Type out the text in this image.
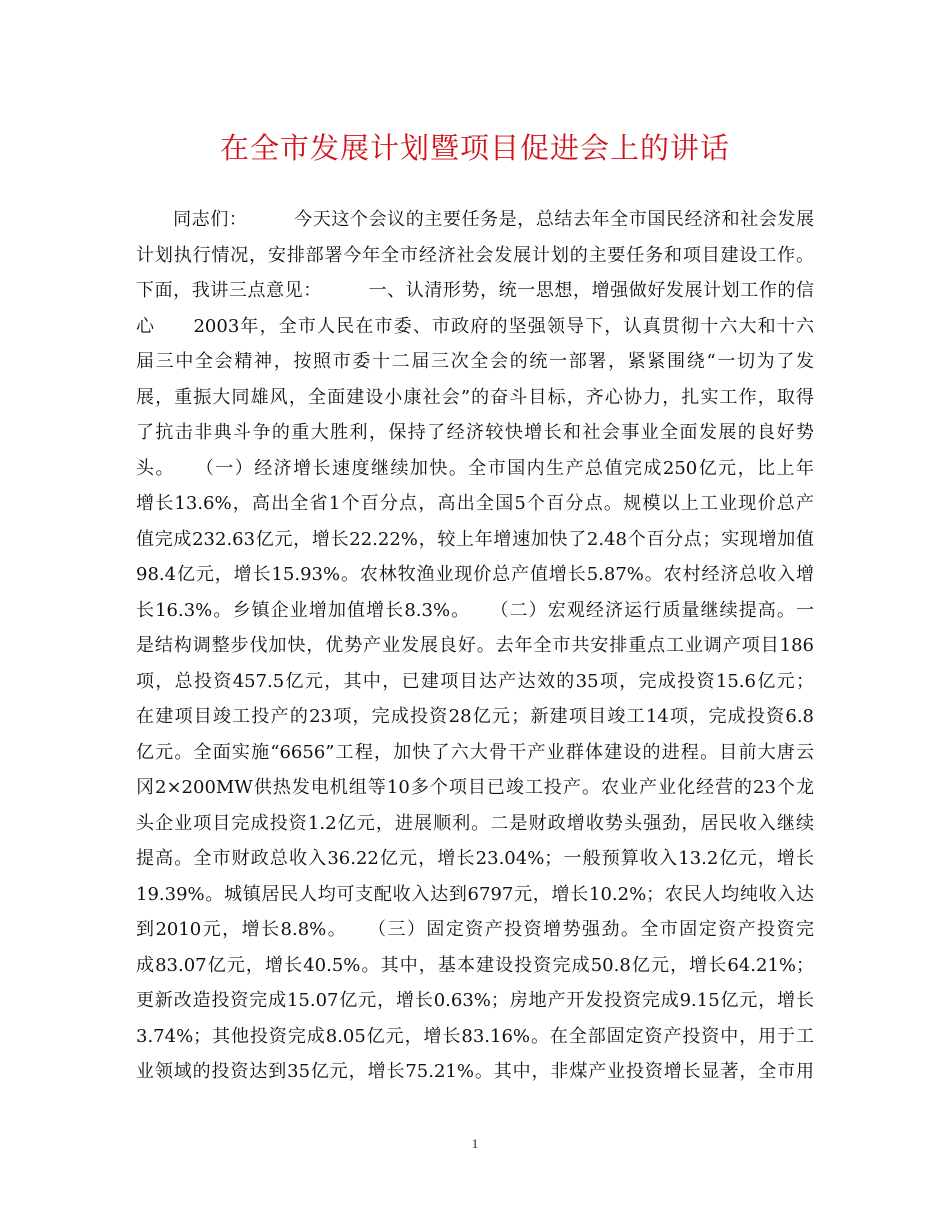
在全市发展计划暨项目促进会上的讲话
　　同志们：　　　今天这个会议的主要任务是，总结去年全市国民经济和社会发展
计划执行情况，安排部署今年全市经济社会发展计划的主要任务和项目建设工作。
下面，我讲三点意见：　　　一、认清形势，统一思想，增强做好发展计划工作的信
心　　2003年，全市人民在市委、市政府的坚强领导下，认真贯彻十六大和十六
届三中全会精神，按照市委十二届三次全会的统一部署，紧紧围绕“一切为了发
展，重振大同雄风，全面建设小康社会”的奋斗目标，齐心协力，扎实工作，取得
了抗击非典斗争的重大胜利，保持了经济较快增长和社会事业全面发展的良好势
头。　　（一）经济增长速度继续加快。全市国内生产总值完成250亿元，比上年
增长13.6%，高出全省1个百分点，高出全国5个百分点。规模以上工业现价总产
值完成232.63亿元，增长22.22%，较上年增速加快了2.48个百分点；实现增加值
98.4亿元，增长15.93%。农林牧渔业现价总产值增长5.87%。农村经济总收入增
长16.3%。乡镇企业增加值增长8.3%。　　（二）宏观经济运行质量继续提高。一
是结构调整步伐加快，优势产业发展良好。去年全市共安排重点工业调产项目186
项，总投资457.5亿元，其中，已建项目达产达效的35项，完成投资15.6亿元；
在建项目竣工投产的23项，完成投资28亿元；新建项目竣工14项，完成投资6.8
亿元。全面实施“6656”工程，加快了六大骨干产业群体建设的进程。目前大唐云
冈2×200MW供热发电机组等10多个项目已竣工投产。农业产业化经营的23个龙
头企业项目完成投资1.2亿元，进展顺利。二是财政增收势头强劲，居民收入继续
提高。全市财政总收入36.22亿元，增长23.04%；一般预算收入13.2亿元，增长
19.39%。城镇居民人均可支配收入达到6797元，增长10.2%；农民人均纯收入达
到2010元，增长8.8%。　　（三）固定资产投资增势强劲。全市固定资产投资完
成83.07亿元，增长40.5%。其中，基本建设投资完成50.8亿元，增长64.21%；
更新改造投资完成15.07亿元，增长0.63%；房地产开发投资完成9.15亿元，增长
3.74%；其他投资完成8.05亿元，增长83.16%。在全部固定资产投资中，用于工
业领域的投资达到35亿元，增长75.21%。其中，非煤产业投资增长显著，全市用
1
